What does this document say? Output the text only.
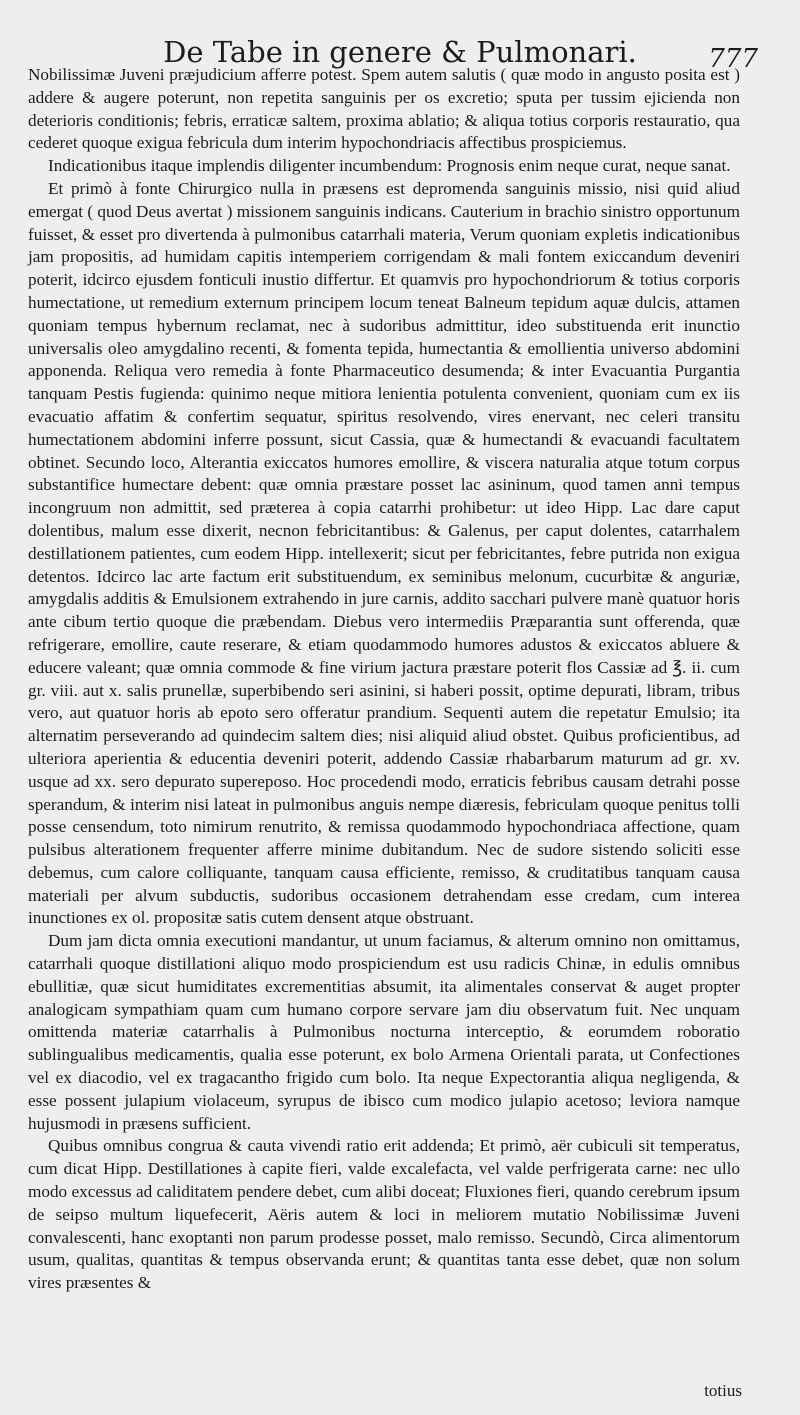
De Tabe in genere & Pulmonari.	777

Nobilissimæ Juveni præjudicium afferre potest. Spem autem salutis ( quæ modo in angusto posita est ) addere & augere poterunt, non repetita sanguinis per os excretio; sputa per tussim ejicienda non deterioris conditionis; febris, erraticæ saltem, proxima ablatio; & aliqua totius corporis restauratio, qua cederet quoque exigua febricula dum interim hypochondriacis affectibus prospiciemus.

Indicationibus itaque implendis diligenter incumbendum: Prognosis enim neque curat, neque sanat.

Et primò à fonte Chirurgico nulla in præsens est depromenda sanguinis missio, nisi quid aliud emergat ( quod Deus avertat ) missionem sanguinis indicans. Cauterium in brachio sinistro opportunum fuisset, & esset pro divertenda à pulmonibus catarrhali materia, Verum quoniam expletis indicationibus jam propositis, ad humidam capitis intemperiem corrigendam & mali fontem exiccandum deveniri poterit, idcirco ejusdem fonticuli inustio differtur. Et quamvis pro hypochondriorum & totius corporis humectatione, ut remedium externum principem locum teneat Balneum tepidum aquæ dulcis, attamen quoniam tempus hybernum reclamat, nec à sudoribus admittitur, ideo substituenda erit inunctio universalis oleo amygdalino recenti, & fomenta tepida, humectantia & emollientia universo abdomini apponenda. Reliqua vero remedia à fonte Pharmaceutico desumenda; & inter Evacuantia Purgantia tanquam Pestis fugienda: quinimo neque mitiora lenientia potulenta convenient, quoniam cum ex iis evacuatio affatim & confertim sequatur, spiritus resolvendo, vires enervant, nec celeri transitu humectationem abdomini inferre possunt, sicut Cassia, quæ & humectandi & evacuandi facultatem obtinet. Secundo loco, Alterantia exiccatos humores emollire, & viscera naturalia atque totum corpus substantifice humectare debent: quæ omnia præstare posset lac asininum, quod tamen anni tempus incongruum non admittit, sed præterea à copia catarrhi prohibetur: ut ideo Hipp. Lac dare caput dolentibus, malum esse dixerit, necnon febricitantibus: & Galenus, per caput dolentes, catarrhalem destillationem patientes, cum eodem Hipp. intellexerit; sicut per febricitantes, febre putrida non exigua detentos. Idcirco lac arte factum erit substituendum, ex seminibus melonum, cucurbitæ & anguriæ, amygdalis additis & Emulsionem extrahendo in jure carnis, addito sacchari pulvere manè quatuor horis ante cibum tertio quoque die præbendam. Diebus vero intermediis Præparantia sunt offerenda, quæ refrigerare, emollire, caute reserare, & etiam quodammodo humores adustos & exiccatos abluere & educere valeant; quæ omnia commode & fine virium jactura præstare poterit flos Cassiæ ad ℥. ii. cum gr. viii. aut x. salis prunellæ, superbibendo seri asinini, si haberi possit, optime depurati, libram, tribus vero, aut quatuor horis ab epoto sero offeratur prandium. Sequenti autem die repetatur Emulsio; ita alternatim perseverando ad quindecim saltem dies; nisi aliquid aliud obstet. Quibus proficientibus, ad ulteriora aperientia & educentia deveniri poterit, addendo Cassiæ rhabarbarum maturum ad gr. xv. usque ad xx. sero depurato supereposo. Hoc procedendi modo, erraticis febribus causam detrahi posse sperandum, & interim nisi lateat in pulmonibus anguis nempe diæresis, febriculam quoque penitus tolli posse censendum, toto nimirum renutrito, & remissa quodammodo hypochondriaca affectione, quam pulsibus alterationem frequenter afferre minime dubitandum. Nec de sudore sistendo soliciti esse debemus, cum calore colliquante, tanquam causa efficiente, remisso, & cruditatibus tanquam causa materiali per alvum subductis, sudoribus occasionem detrahendam esse credam, cum interea inunctiones ex ol. propositæ satis cutem densent atque obstruant.

Dum jam dicta omnia executioni mandantur, ut unum faciamus, & alterum omnino non omittamus, catarrhali quoque distillationi aliquo modo prospiciendum est usu radicis Chinæ, in edulis omnibus ebullitiæ, quæ sicut humiditates excrementitias absumit, ita alimentales conservat & auget propter analogicam sympathiam quam cum humano corpore servare jam diu observatum fuit. Nec unquam omittenda materiæ catarrhalis à Pulmonibus nocturna interceptio, & eorumdem roboratio sublingualibus medicamentis, qualia esse poterunt, ex bolo Armena Orientali parata, ut Confectiones vel ex diacodio, vel ex tragacantho frigido cum bolo. Ita neque Expectorantia aliqua negligenda, & esse possent julapium violaceum, syrupus de ibisco cum modico julapio acetoso; leviora namque hujusmodi in præsens sufficient.

Quibus omnibus congrua & cauta vivendi ratio erit addenda; Et primò, aër cubiculi sit temperatus, cum dicat Hipp. Destillationes à capite fieri, valde excalefacta, vel valde perfrigerata carne: nec ullo modo excessus ad caliditatem pendere debet, cum alibi doceat; Fluxiones fieri, quando cerebrum ipsum de seipso multum liquefecerit, Aëris autem & loci in meliorem mutatio Nobilissimæ Juveni convalescenti, hanc exoptanti non parum prodesse posset, malo remisso. Secundò, Circa alimentorum usum, qualitas, quantitas & tempus observanda erunt; & quantitas tanta esse debet, quæ non solum vires præsentes &

totius
